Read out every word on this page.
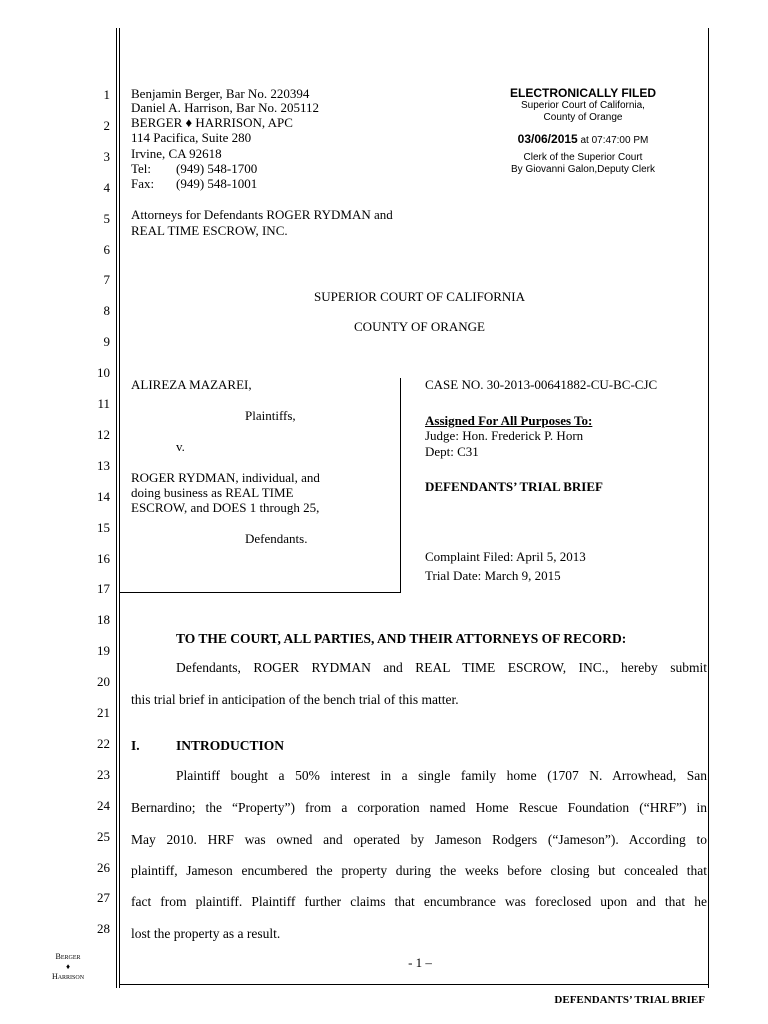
1
2
3
4
5
6
7
8
9
10
11
12
13
14
15
16
17
18
19
20
21
22
23
24
25
26
27
28
Benjamin Berger, Bar No. 220394
Daniel A. Harrison, Bar No. 205112
BERGER ♦ HARRISON, APC
114 Pacifica, Suite 280
Irvine, CA 92618
Tel: (949) 548-1700
Fax: (949) 548-1001
Attorneys for Defendants ROGER RYDMAN and
REAL TIME ESCROW, INC.
ELECTRONICALLY FILED
Superior Court of California,
County of Orange
03/06/2015 at 07:47:00 PM
Clerk of the Superior Court
By Giovanni Galon,Deputy Clerk
SUPERIOR COURT OF CALIFORNIA
COUNTY OF ORANGE
ALIREZA MAZAREI,
Plaintiffs,
v.
ROGER RYDMAN, individual, and
doing business as REAL TIME
ESCROW, and DOES 1 through 25,
Defendants.
CASE NO. 30-2013-00641882-CU-BC-CJC
Assigned For All Purposes To:
Judge: Hon. Frederick P. Horn
Dept: C31
DEFENDANTS’ TRIAL BRIEF
Complaint Filed: April 5, 2013
Trial Date: March 9, 2015
TO THE COURT, ALL PARTIES, AND THEIR ATTORNEYS OF RECORD:
Defendants, ROGER RYDMAN and REAL TIME ESCROW, INC., hereby submit
this trial brief in anticipation of the bench trial of this matter.
I.	INTRODUCTION
Plaintiff bought a 50% interest in a single family home (1707 N. Arrowhead, San
Bernardino; the “Property”) from a corporation named Home Rescue Foundation (“HRF”) in
May 2010. HRF was owned and operated by Jameson Rodgers (“Jameson”). According to
plaintiff, Jameson encumbered the property during the weeks before closing but concealed that
fact from plaintiff. Plaintiff further claims that encumbrance was foreclosed upon and that he
lost the property as a result.
Berger
♦
Harrison
- 1 –
DEFENDANTS’ TRIAL BRIEF
